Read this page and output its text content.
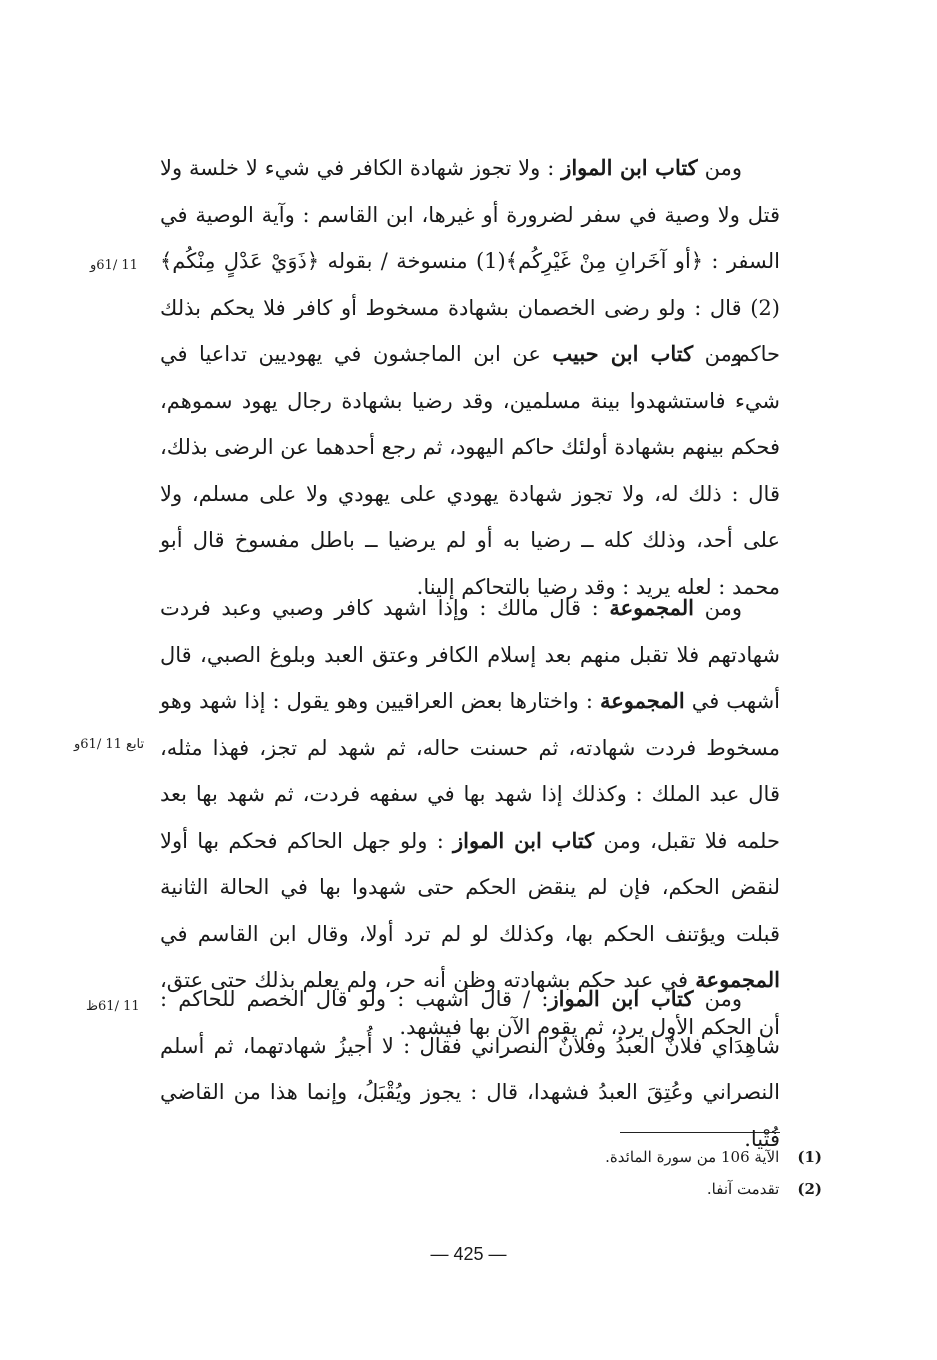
ومن كتاب ابن المواز : ولا تجوز شهادة الكافر في شيء لا خلسة ولا قتل ولا وصية في سفر لضرورة أو غيرها، ابن القاسم : وآية الوصية في السفر : ﴿أو آخَرانِ مِنْ غَيْرِكُم﴾(1) منسوخة / بقوله ﴿ذَوَيْ عَدْلٍ مِنْكُم﴾(2) قال : ولو رضى الخصمان بشهادة مسخوط أو كافر فلا يحكم بذلك حاكم.

ومن كتاب ابن حبيب عن ابن الماجشون في يهوديين تداعيا في شيء فاستشهدوا بينة مسلمين، وقد رضيا بشهادة رجال يهود سموهم، فحكم بينهم بشهادة أولئك حاكم اليهود، ثم رجع أحدهما عن الرضى بذلك، قال : ذلك له، ولا تجوز شهادة يهودي على يهودي ولا على مسلم، ولا على أحد، وذلك كله ــ رضيا به أو لم يرضيا ــ باطل مفسوخ قال أبو محمد : لعله يريد : وقد رضيا بالتحاكم إلينا.

ومن المجموعة : قال مالك : وإذا اشهد كافر وصبي وعبد فردت شهادتهم فلا تقبل منهم بعد إسلام الكافر وعتق العبد وبلوغ الصبي، قال أشهب في المجموعة : واختارها بعض العراقيين وهو يقول : إذا شهد وهو مسخوط فردت شهادته، ثم حسنت حاله، ثم شهد لم تجز، فهذا مثله، قال عبد الملك : وكذلك إذا شهد بها في سفهه فردت، ثم شهد بها بعد حلمه فلا تقبل، ومن كتاب ابن المواز : ولو جهل الحاكم فحكم بها أولا لنقض الحكم، فإن لم ينقض الحكم حتى شهدوا بها في الحالة الثانية قبلت ويؤتنف الحكم بها، وكذلك لو لم ترد أولا، وقال ابن القاسم في المجموعة في عبد حكم بشهادته وظن أنه حر، ولم يعلم بذلك حتى عتق، أن الحكم الأول يرد، ثم يقوم الآن بها فيشهد.

ومن كتاب ابن المواز: / قال أشهب : ولو قال الخصم للحاكم : شاهِدَاي فلانٌ العبدُ وفلانٌ النصراني فقال : لا أُجيزُ شهادتهما، ثم أسلم النصراني وعُتِقَ العبدُ فشهدا، قال : يجوز ويُقْبَلُ، وإنما هذا من القاضي فُتْيا.

11 /61و
تابع 11 /61و
11 /61ظ
(1)الآية 106 من سورة المائدة.
(2)تقدمت آنفا.
— 425 —
